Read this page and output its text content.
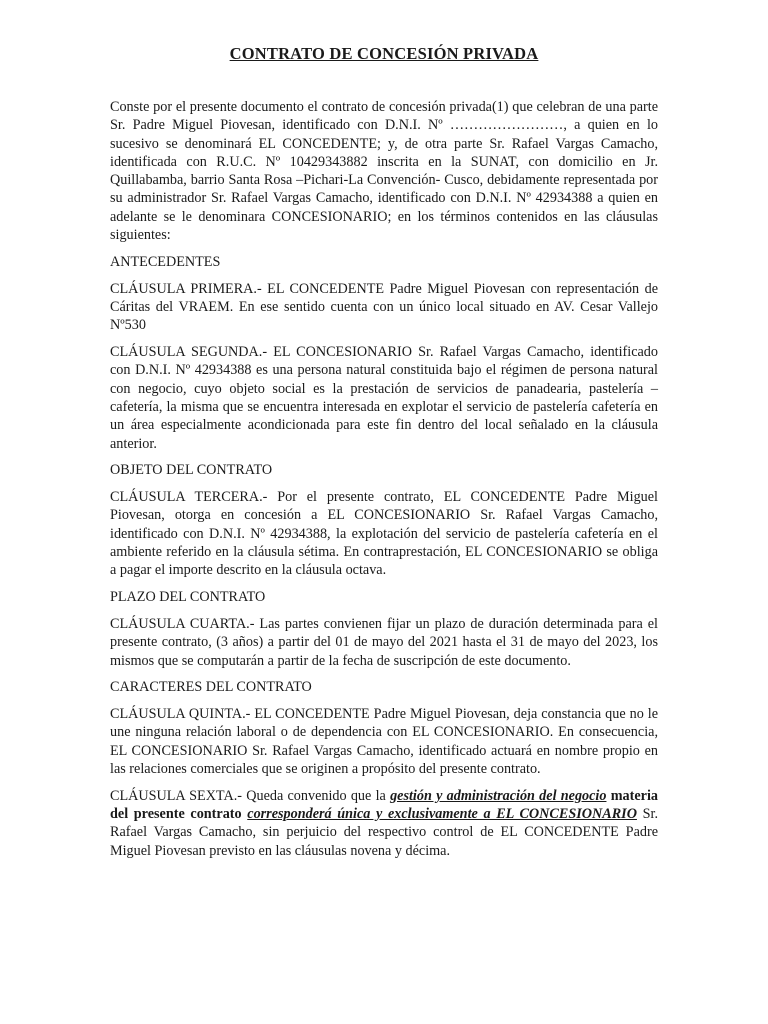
CONTRATO DE CONCESIÓN PRIVADA

Conste por el presente documento el contrato de concesión privada(1) que celebran de una parte Sr. Padre Miguel Piovesan, identificado con D.N.I. Nº ……………………, a quien en lo sucesivo se denominará EL CONCEDENTE; y, de otra parte Sr. Rafael Vargas Camacho, identificada con R.U.C. Nº 10429343882 inscrita en la SUNAT, con domicilio en Jr. Quillabamba, barrio Santa Rosa –Pichari-La Convención- Cusco, debidamente representada por su administrador Sr. Rafael Vargas Camacho, identificado con D.N.I. Nº 42934388 a quien en adelante se le denominara CONCESIONARIO; en los términos contenidos en las cláusulas siguientes:

ANTECEDENTES

CLÁUSULA PRIMERA.- EL CONCEDENTE Padre Miguel Piovesan con representación de Cáritas del VRAEM. En ese sentido cuenta con un único local situado en AV. Cesar Vallejo Nº530

CLÁUSULA SEGUNDA.- EL CONCESIONARIO Sr. Rafael Vargas Camacho, identificado con D.N.I. Nº 42934388 es una persona natural constituida bajo el régimen de persona natural con negocio, cuyo objeto social es la prestación de servicios de panadearia, pastelería – cafetería, la misma que se encuentra interesada en explotar el servicio de pastelería cafetería en un área especialmente acondicionada para este fin dentro del local señalado en la cláusula anterior.

OBJETO DEL CONTRATO

CLÁUSULA TERCERA.- Por el presente contrato, EL CONCEDENTE Padre Miguel Piovesan, otorga en concesión a EL CONCESIONARIO Sr. Rafael Vargas Camacho, identificado con D.N.I. Nº 42934388, la explotación del servicio de pastelería cafetería en el ambiente referido en la cláusula sétima. En contraprestación, EL CONCESIONARIO se obliga a pagar el importe descrito en la cláusula octava.

PLAZO DEL CONTRATO

CLÁUSULA CUARTA.- Las partes convienen fijar un plazo de duración determinada para el presente contrato, (3 años) a partir del 01 de mayo del 2021 hasta el 31 de mayo del 2023, los mismos que se computarán a partir de la fecha de suscripción de este documento.

CARACTERES DEL CONTRATO

CLÁUSULA QUINTA.- EL CONCEDENTE Padre Miguel Piovesan, deja constancia que no le une ninguna relación laboral o de dependencia con EL CONCESIONARIO. En consecuencia, EL CONCESIONARIO Sr. Rafael Vargas Camacho, identificado actuará en nombre propio en las relaciones comerciales que se originen a propósito del presente contrato.

CLÁUSULA SEXTA.- Queda convenido que la gestión y administración del negocio materia del presente contrato corresponderá única y exclusivamente a EL CONCESIONARIO Sr. Rafael Vargas Camacho, sin perjuicio del respectivo control de EL CONCEDENTE Padre Miguel Piovesan previsto en las cláusulas novena y décima.
